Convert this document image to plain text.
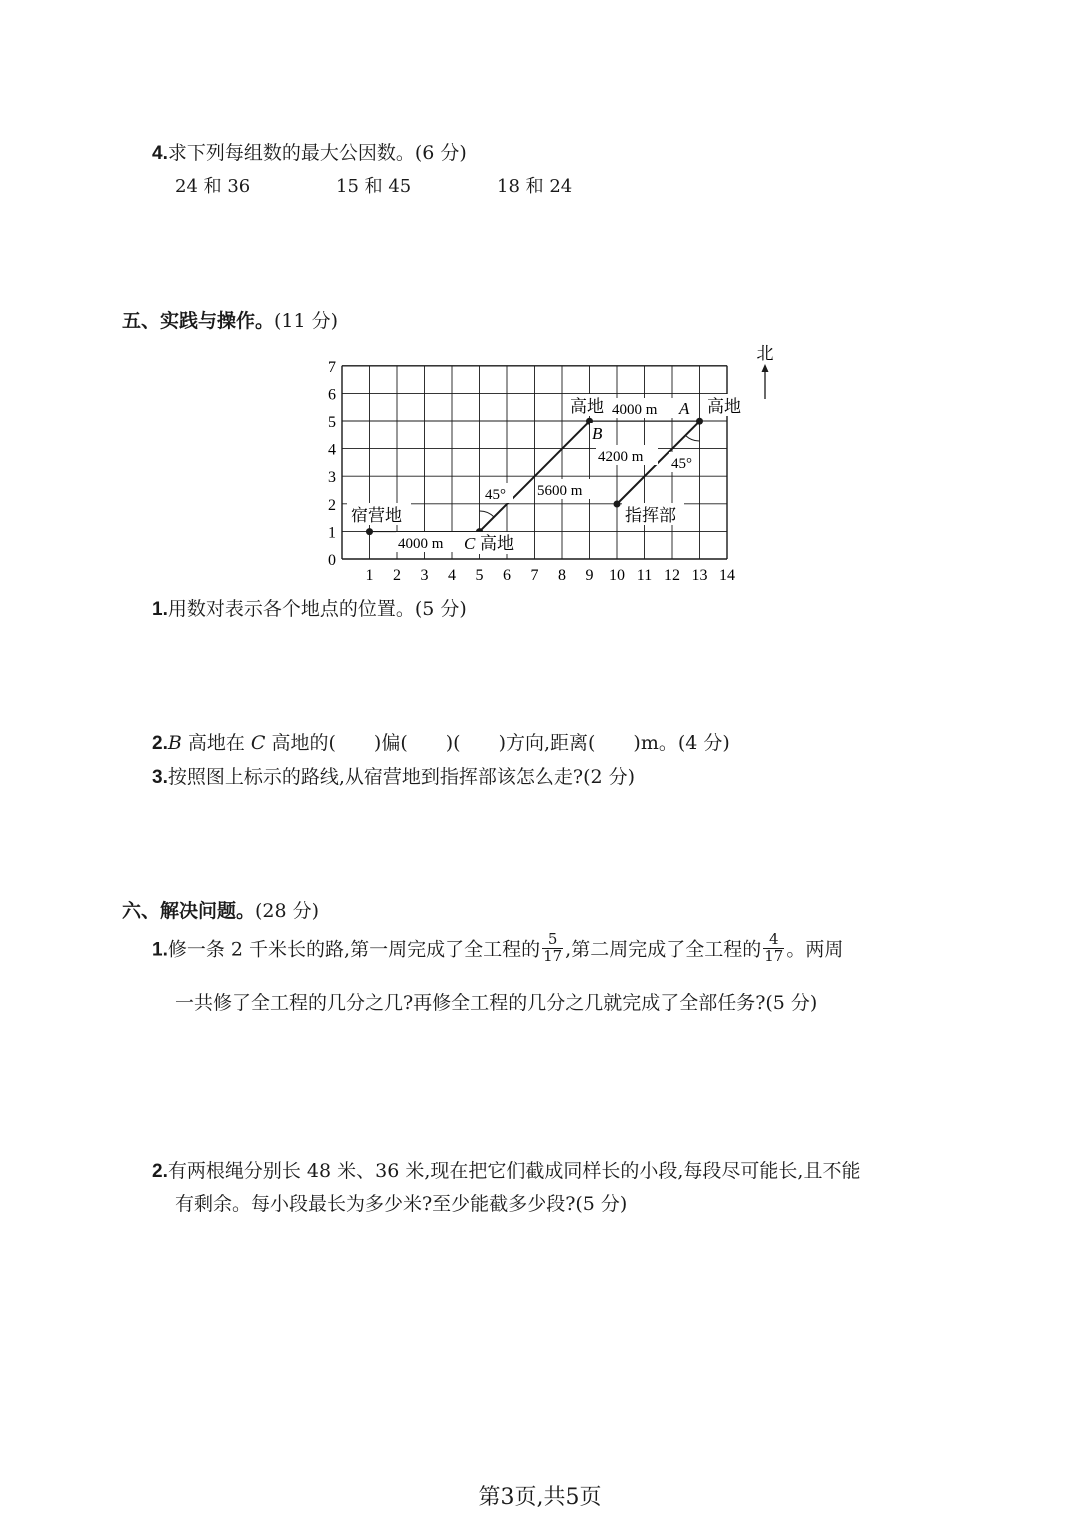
4.求下列每组数的最大公因数。(6 分)
24 和 36	15 和 45	18 和 24
五、实践与操作。(11 分)
0
1
2
3
4
5
6
7
1 2 3 4 5 6 7 8 9 10 11 12 13 14
北
宿营地
4000 m C 高地
45° 5600 m
高地 4000 m
B
A 高地
4200 m 45°
指挥部
1.用数对表示各个地点的位置。(5 分)
2.B 高地在 C 高地的(　　)偏(　　)(　　)方向,距离(　　)m。(4 分)
3.按照图上标示的路线,从宿营地到指挥部该怎么走?(2 分)
六、解决问题。(28 分)
1.修一条 2 千米长的路,第一周完成了全工程的 $\frac{5}{17}$ ,第二周完成了全工程的 $\frac{4}{17}$ 。两周
一共修了全工程的几分之几?再修全工程的几分之几就完成了全部任务?(5 分)
2.有两根绳分别长 48 米、36 米,现在把它们截成同样长的小段,每段尽可能长,且不能
有剩余。每小段最长为多少米?至少能截多少段?(5 分)
第3页,共5页
